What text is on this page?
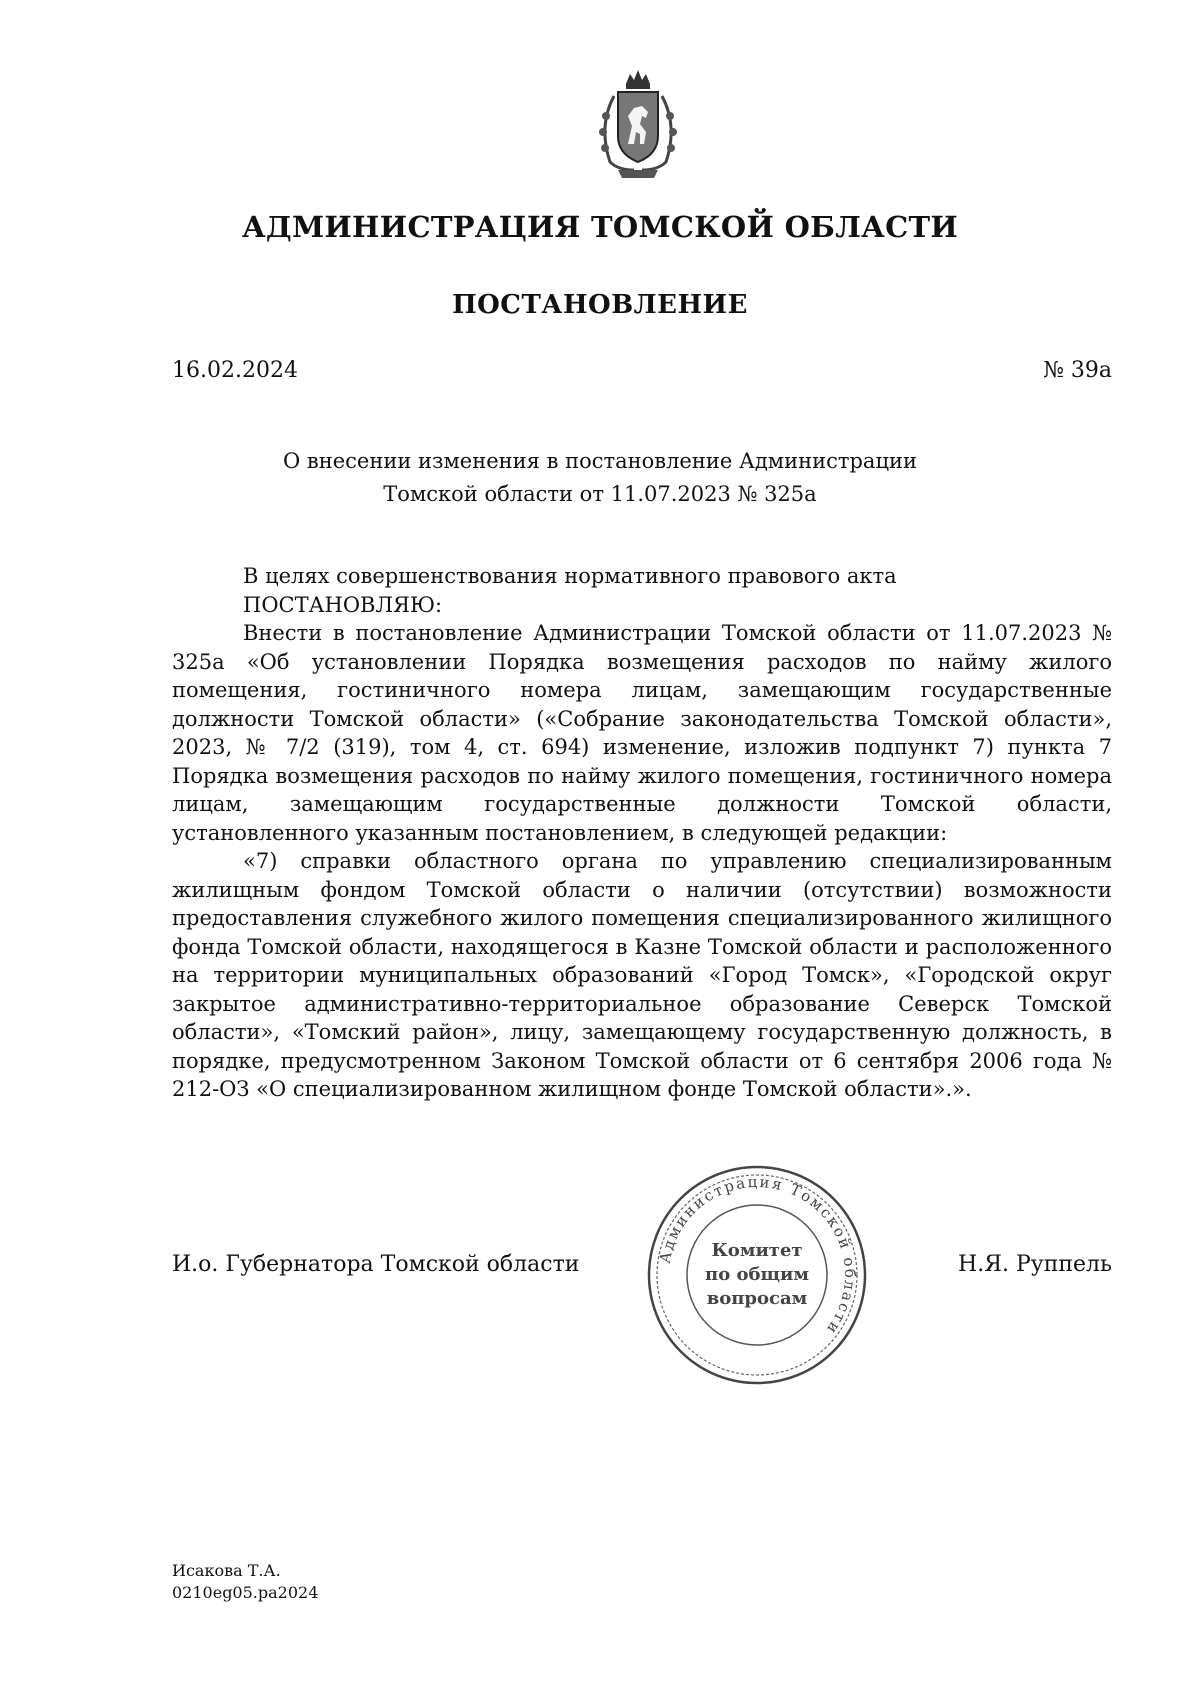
АДМИНИСТРАЦИЯ ТОМСКОЙ ОБЛАСТИ
ПОСТАНОВЛЕНИЕ
16.02.2024	№ 39а
О внесении изменения в постановление Администрации
Томской области от 11.07.2023 № 325а

В целях совершенствования нормативного правового акта

ПОСТАНОВЛЯЮ:

Внести в постановление Администрации Томской области от 11.07.2023 № 325а «Об установлении Порядка возмещения расходов по найму жилого помещения, гостиничного номера лицам, замещающим государственные должности Томской области» («Собрание законодательства Томской области», 2023, № 7/2 (319), том 4, ст. 694) изменение, изложив подпункт 7) пункта 7 Порядка возмещения расходов по найму жилого помещения, гостиничного номера лицам, замещающим государственные должности Томской области, установленного указанным постановлением, в следующей редакции:

«7) справки областного органа по управлению специализированным жилищным фондом Томской области о наличии (отсутствии) возможности предоставления служебного жилого помещения специализированного жилищного фонда Томской области, находящегося в Казне Томской области и расположенного на территории муниципальных образований «Город Томск», «Городской округ закрытое административно-территориальное образование Северск Томской области», «Томский район», лицу, замещающему государственную должность, в порядке, предусмотренном Законом Томской области от 6 сентября 2006 года № 212-ОЗ «О специализированном жилищном фонде Томской области».».

И.о. Губернатора Томской области	Н.Я. Руппель
Администрация Томской области
Комитет
по общим
вопросам
Исакова Т.А.
0210eg05.pa2024
